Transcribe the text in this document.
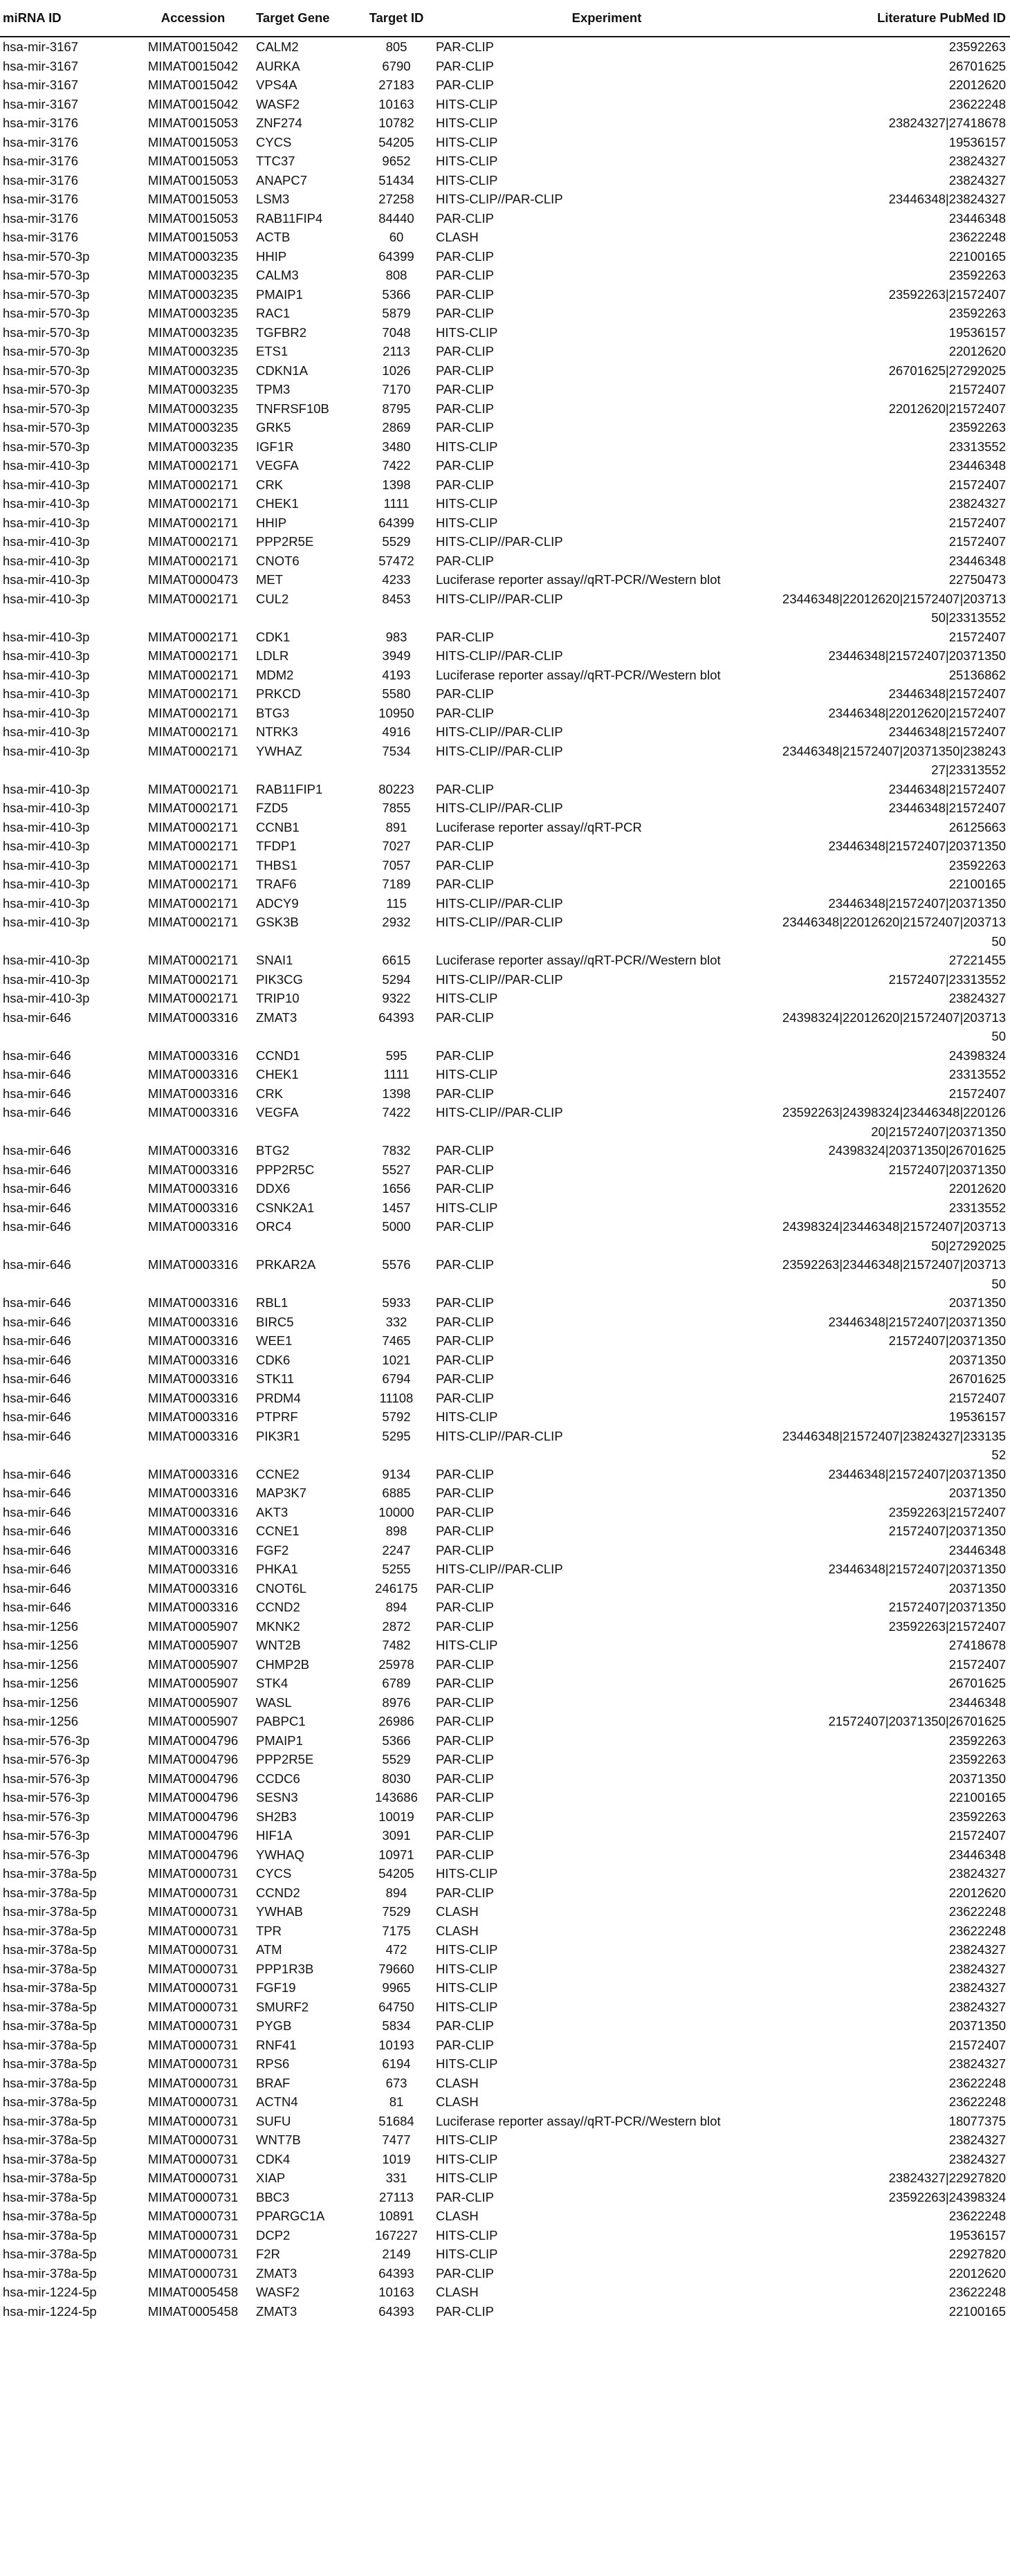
miRNA ID	Accession	Target Gene	Target ID	Experiment	Literature PubMed ID
hsa-mir-3167	MIMAT0015042	CALM2	805	PAR-CLIP	23592263
hsa-mir-3167	MIMAT0015042	AURKA	6790	PAR-CLIP	26701625
hsa-mir-3167	MIMAT0015042	VPS4A	27183	PAR-CLIP	22012620
hsa-mir-3167	MIMAT0015042	WASF2	10163	HITS-CLIP	23622248
hsa-mir-3176	MIMAT0015053	ZNF274	10782	HITS-CLIP	23824327|27418678
hsa-mir-3176	MIMAT0015053	CYCS	54205	HITS-CLIP	19536157
hsa-mir-3176	MIMAT0015053	TTC37	9652	HITS-CLIP	23824327
hsa-mir-3176	MIMAT0015053	ANAPC7	51434	HITS-CLIP	23824327
hsa-mir-3176	MIMAT0015053	LSM3	27258	HITS-CLIP//PAR-CLIP	23446348|23824327
hsa-mir-3176	MIMAT0015053	RAB11FIP4	84440	PAR-CLIP	23446348
hsa-mir-3176	MIMAT0015053	ACTB	60	CLASH	23622248
hsa-mir-570-3p	MIMAT0003235	HHIP	64399	PAR-CLIP	22100165
hsa-mir-570-3p	MIMAT0003235	CALM3	808	PAR-CLIP	23592263
hsa-mir-570-3p	MIMAT0003235	PMAIP1	5366	PAR-CLIP	23592263|21572407
hsa-mir-570-3p	MIMAT0003235	RAC1	5879	PAR-CLIP	23592263
hsa-mir-570-3p	MIMAT0003235	TGFBR2	7048	HITS-CLIP	19536157
hsa-mir-570-3p	MIMAT0003235	ETS1	2113	PAR-CLIP	22012620
hsa-mir-570-3p	MIMAT0003235	CDKN1A	1026	PAR-CLIP	26701625|27292025
hsa-mir-570-3p	MIMAT0003235	TPM3	7170	PAR-CLIP	21572407
hsa-mir-570-3p	MIMAT0003235	TNFRSF10B	8795	PAR-CLIP	22012620|21572407
hsa-mir-570-3p	MIMAT0003235	GRK5	2869	PAR-CLIP	23592263
hsa-mir-570-3p	MIMAT0003235	IGF1R	3480	HITS-CLIP	23313552
hsa-mir-410-3p	MIMAT0002171	VEGFA	7422	PAR-CLIP	23446348
hsa-mir-410-3p	MIMAT0002171	CRK	1398	PAR-CLIP	21572407
hsa-mir-410-3p	MIMAT0002171	CHEK1	1111	HITS-CLIP	23824327
hsa-mir-410-3p	MIMAT0002171	HHIP	64399	HITS-CLIP	21572407
hsa-mir-410-3p	MIMAT0002171	PPP2R5E	5529	HITS-CLIP//PAR-CLIP	21572407
hsa-mir-410-3p	MIMAT0002171	CNOT6	57472	PAR-CLIP	23446348
hsa-mir-410-3p	MIMAT0000473	MET	4233	Luciferase reporter assay//qRT-PCR//Western blot	22750473
hsa-mir-410-3p	MIMAT0002171	CUL2	8453	HITS-CLIP//PAR-CLIP	23446348|22012620|21572407|20371350|23313552
hsa-mir-410-3p	MIMAT0002171	CDK1	983	PAR-CLIP	21572407
hsa-mir-410-3p	MIMAT0002171	LDLR	3949	HITS-CLIP//PAR-CLIP	23446348|21572407|20371350
hsa-mir-410-3p	MIMAT0002171	MDM2	4193	Luciferase reporter assay//qRT-PCR//Western blot	25136862
hsa-mir-410-3p	MIMAT0002171	PRKCD	5580	PAR-CLIP	23446348|21572407
hsa-mir-410-3p	MIMAT0002171	BTG3	10950	PAR-CLIP	23446348|22012620|21572407
hsa-mir-410-3p	MIMAT0002171	NTRK3	4916	HITS-CLIP//PAR-CLIP	23446348|21572407
hsa-mir-410-3p	MIMAT0002171	YWHAZ	7534	HITS-CLIP//PAR-CLIP	23446348|21572407|20371350|23824327|23313552
hsa-mir-410-3p	MIMAT0002171	RAB11FIP1	80223	PAR-CLIP	23446348|21572407
hsa-mir-410-3p	MIMAT0002171	FZD5	7855	HITS-CLIP//PAR-CLIP	23446348|21572407
hsa-mir-410-3p	MIMAT0002171	CCNB1	891	Luciferase reporter assay//qRT-PCR	26125663
hsa-mir-410-3p	MIMAT0002171	TFDP1	7027	PAR-CLIP	23446348|21572407|20371350
hsa-mir-410-3p	MIMAT0002171	THBS1	7057	PAR-CLIP	23592263
hsa-mir-410-3p	MIMAT0002171	TRAF6	7189	PAR-CLIP	22100165
hsa-mir-410-3p	MIMAT0002171	ADCY9	115	HITS-CLIP//PAR-CLIP	23446348|21572407|20371350
hsa-mir-410-3p	MIMAT0002171	GSK3B	2932	HITS-CLIP//PAR-CLIP	23446348|22012620|21572407|20371350
hsa-mir-410-3p	MIMAT0002171	SNAI1	6615	Luciferase reporter assay//qRT-PCR//Western blot	27221455
hsa-mir-410-3p	MIMAT0002171	PIK3CG	5294	HITS-CLIP//PAR-CLIP	21572407|23313552
hsa-mir-410-3p	MIMAT0002171	TRIP10	9322	HITS-CLIP	23824327
hsa-mir-646	MIMAT0003316	ZMAT3	64393	PAR-CLIP	24398324|22012620|21572407|20371350
hsa-mir-646	MIMAT0003316	CCND1	595	PAR-CLIP	24398324
hsa-mir-646	MIMAT0003316	CHEK1	1111	HITS-CLIP	23313552
hsa-mir-646	MIMAT0003316	CRK	1398	PAR-CLIP	21572407
hsa-mir-646	MIMAT0003316	VEGFA	7422	HITS-CLIP//PAR-CLIP	23592263|24398324|23446348|22012620|21572407|20371350
hsa-mir-646	MIMAT0003316	BTG2	7832	PAR-CLIP	24398324|20371350|26701625
hsa-mir-646	MIMAT0003316	PPP2R5C	5527	PAR-CLIP	21572407|20371350
hsa-mir-646	MIMAT0003316	DDX6	1656	PAR-CLIP	22012620
hsa-mir-646	MIMAT0003316	CSNK2A1	1457	HITS-CLIP	23313552
hsa-mir-646	MIMAT0003316	ORC4	5000	PAR-CLIP	24398324|23446348|21572407|20371350|27292025
hsa-mir-646	MIMAT0003316	PRKAR2A	5576	PAR-CLIP	23592263|23446348|21572407|20371350
hsa-mir-646	MIMAT0003316	RBL1	5933	PAR-CLIP	20371350
hsa-mir-646	MIMAT0003316	BIRC5	332	PAR-CLIP	23446348|21572407|20371350
hsa-mir-646	MIMAT0003316	WEE1	7465	PAR-CLIP	21572407|20371350
hsa-mir-646	MIMAT0003316	CDK6	1021	PAR-CLIP	20371350
hsa-mir-646	MIMAT0003316	STK11	6794	PAR-CLIP	26701625
hsa-mir-646	MIMAT0003316	PRDM4	11108	PAR-CLIP	21572407
hsa-mir-646	MIMAT0003316	PTPRF	5792	HITS-CLIP	19536157
hsa-mir-646	MIMAT0003316	PIK3R1	5295	HITS-CLIP//PAR-CLIP	23446348|21572407|23824327|23313552
hsa-mir-646	MIMAT0003316	CCNE2	9134	PAR-CLIP	23446348|21572407|20371350
hsa-mir-646	MIMAT0003316	MAP3K7	6885	PAR-CLIP	20371350
hsa-mir-646	MIMAT0003316	AKT3	10000	PAR-CLIP	23592263|21572407
hsa-mir-646	MIMAT0003316	CCNE1	898	PAR-CLIP	21572407|20371350
hsa-mir-646	MIMAT0003316	FGF2	2247	PAR-CLIP	23446348
hsa-mir-646	MIMAT0003316	PHKA1	5255	HITS-CLIP//PAR-CLIP	23446348|21572407|20371350
hsa-mir-646	MIMAT0003316	CNOT6L	246175	PAR-CLIP	20371350
hsa-mir-646	MIMAT0003316	CCND2	894	PAR-CLIP	21572407|20371350
hsa-mir-1256	MIMAT0005907	MKNK2	2872	PAR-CLIP	23592263|21572407
hsa-mir-1256	MIMAT0005907	WNT2B	7482	HITS-CLIP	27418678
hsa-mir-1256	MIMAT0005907	CHMP2B	25978	PAR-CLIP	21572407
hsa-mir-1256	MIMAT0005907	STK4	6789	PAR-CLIP	26701625
hsa-mir-1256	MIMAT0005907	WASL	8976	PAR-CLIP	23446348
hsa-mir-1256	MIMAT0005907	PABPC1	26986	PAR-CLIP	21572407|20371350|26701625
hsa-mir-576-3p	MIMAT0004796	PMAIP1	5366	PAR-CLIP	23592263
hsa-mir-576-3p	MIMAT0004796	PPP2R5E	5529	PAR-CLIP	23592263
hsa-mir-576-3p	MIMAT0004796	CCDC6	8030	PAR-CLIP	20371350
hsa-mir-576-3p	MIMAT0004796	SESN3	143686	PAR-CLIP	22100165
hsa-mir-576-3p	MIMAT0004796	SH2B3	10019	PAR-CLIP	23592263
hsa-mir-576-3p	MIMAT0004796	HIF1A	3091	PAR-CLIP	21572407
hsa-mir-576-3p	MIMAT0004796	YWHAQ	10971	PAR-CLIP	23446348
hsa-mir-378a-5p	MIMAT0000731	CYCS	54205	HITS-CLIP	23824327
hsa-mir-378a-5p	MIMAT0000731	CCND2	894	PAR-CLIP	22012620
hsa-mir-378a-5p	MIMAT0000731	YWHAB	7529	CLASH	23622248
hsa-mir-378a-5p	MIMAT0000731	TPR	7175	CLASH	23622248
hsa-mir-378a-5p	MIMAT0000731	ATM	472	HITS-CLIP	23824327
hsa-mir-378a-5p	MIMAT0000731	PPP1R3B	79660	HITS-CLIP	23824327
hsa-mir-378a-5p	MIMAT0000731	FGF19	9965	HITS-CLIP	23824327
hsa-mir-378a-5p	MIMAT0000731	SMURF2	64750	HITS-CLIP	23824327
hsa-mir-378a-5p	MIMAT0000731	PYGB	5834	PAR-CLIP	20371350
hsa-mir-378a-5p	MIMAT0000731	RNF41	10193	PAR-CLIP	21572407
hsa-mir-378a-5p	MIMAT0000731	RPS6	6194	HITS-CLIP	23824327
hsa-mir-378a-5p	MIMAT0000731	BRAF	673	CLASH	23622248
hsa-mir-378a-5p	MIMAT0000731	ACTN4	81	CLASH	23622248
hsa-mir-378a-5p	MIMAT0000731	SUFU	51684	Luciferase reporter assay//qRT-PCR//Western blot	18077375
hsa-mir-378a-5p	MIMAT0000731	WNT7B	7477	HITS-CLIP	23824327
hsa-mir-378a-5p	MIMAT0000731	CDK4	1019	HITS-CLIP	23824327
hsa-mir-378a-5p	MIMAT0000731	XIAP	331	HITS-CLIP	23824327|22927820
hsa-mir-378a-5p	MIMAT0000731	BBC3	27113	PAR-CLIP	23592263|24398324
hsa-mir-378a-5p	MIMAT0000731	PPARGC1A	10891	CLASH	23622248
hsa-mir-378a-5p	MIMAT0000731	DCP2	167227	HITS-CLIP	19536157
hsa-mir-378a-5p	MIMAT0000731	F2R	2149	HITS-CLIP	22927820
hsa-mir-378a-5p	MIMAT0000731	ZMAT3	64393	PAR-CLIP	22012620
hsa-mir-1224-5p	MIMAT0005458	WASF2	10163	CLASH	23622248
hsa-mir-1224-5p	MIMAT0005458	ZMAT3	64393	PAR-CLIP	22100165
